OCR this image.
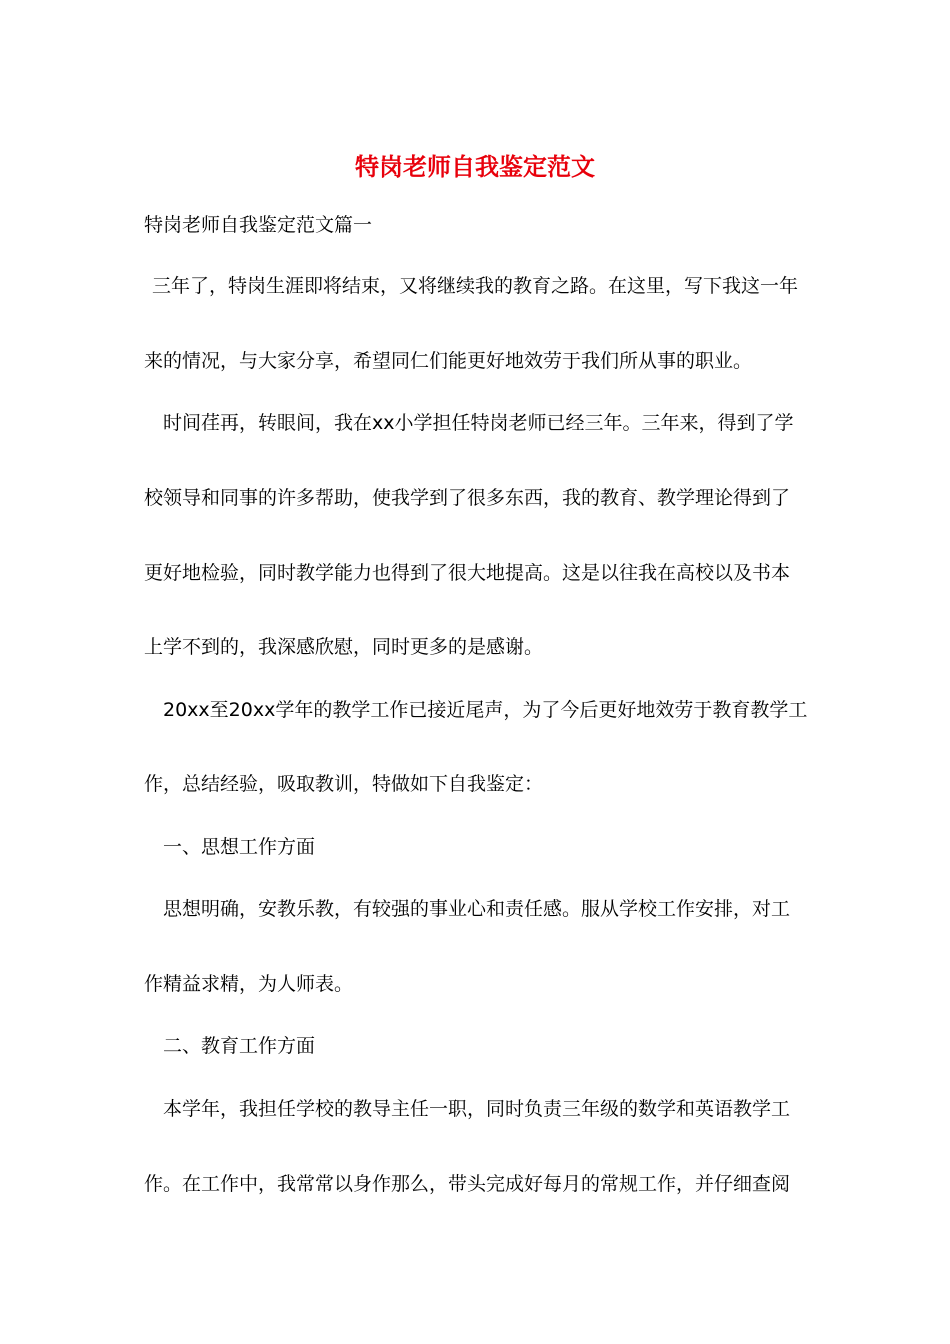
特岗老师自我鉴定范文
特岗老师自我鉴定范文篇一
三年了，特岗生涯即将结束，又将继续我的教育之路。在这里，写下我这一年
来的情况，与大家分享，希望同仁们能更好地效劳于我们所从事的职业。
时间荏再，转眼间，我在xx小学担任特岗老师已经三年。三年来，得到了学
校领导和同事的许多帮助，使我学到了很多东西，我的教育、教学理论得到了
更好地检验，同时教学能力也得到了很大地提高。这是以往我在高校以及书本
上学不到的，我深感欣慰，同时更多的是感谢。
20xx至20xx学年的教学工作已接近尾声，为了今后更好地效劳于教育教学工
作，总结经验，吸取教训，特做如下自我鉴定：
一、思想工作方面
思想明确，安教乐教，有较强的事业心和责任感。服从学校工作安排，对工
作精益求精，为人师表。
二、教育工作方面
本学年，我担任学校的教导主任一职，同时负责三年级的数学和英语教学工
作。在工作中，我常常以身作那么，带头完成好每月的常规工作，并仔细查阅
